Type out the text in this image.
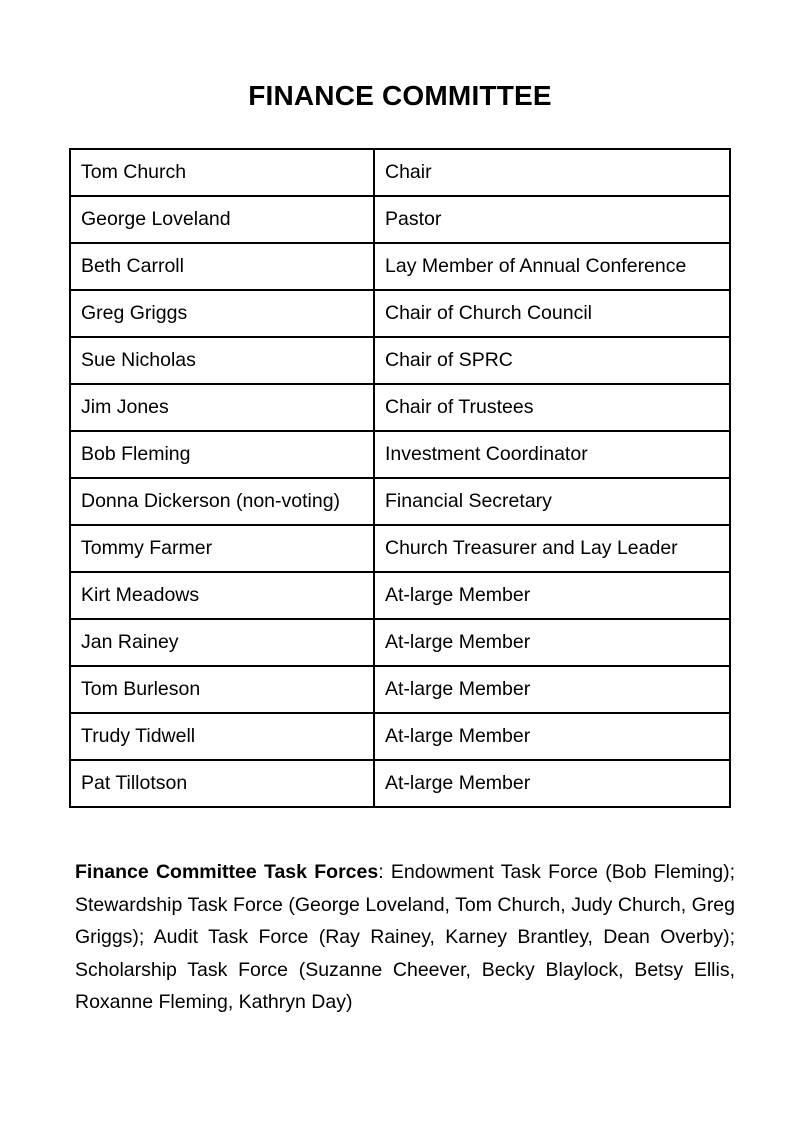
FINANCE COMMITTEE
Tom Church	Chair
George Loveland	Pastor
Beth Carroll	Lay Member of Annual Conference
Greg Griggs	Chair of Church Council
Sue Nicholas	Chair of SPRC
Jim Jones	Chair of Trustees
Bob Fleming	Investment Coordinator
Donna Dickerson (non-voting)	Financial Secretary
Tommy Farmer	Church Treasurer and Lay Leader
Kirt Meadows	At-large Member
Jan Rainey	At-large Member
Tom Burleson	At-large Member
Trudy Tidwell	At-large Member
Pat Tillotson	At-large Member
Finance Committee Task Forces: Endowment Task Force (Bob Fleming); Stewardship Task Force (George Loveland, Tom Church, Judy Church, Greg Griggs); Audit Task Force (Ray Rainey, Karney Brantley, Dean Overby); Scholarship Task Force (Suzanne Cheever, Becky Blaylock, Betsy Ellis, Roxanne Fleming, Kathryn Day)
